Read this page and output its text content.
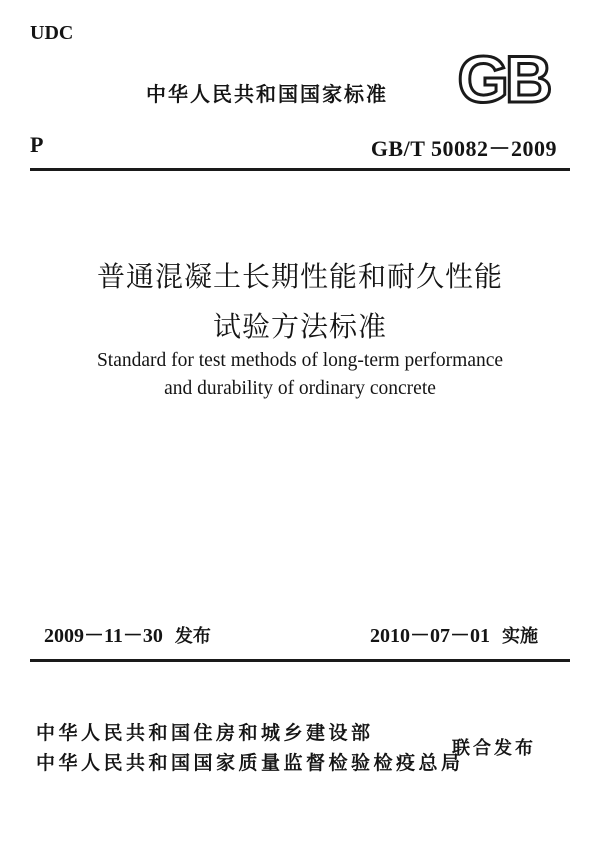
UDC
中华人民共和国国家标准 GB
P	GB/T 50082－2009
普通混凝土长期性能和耐久性能
试验方法标准
Standard for test methods of long-term performance
and durability of ordinary concrete
2009－11－30 发布	2010－07－01 实施
中华人民共和国住房和城乡建设部
中华人民共和国国家质量监督检验检疫总局
联合发布
